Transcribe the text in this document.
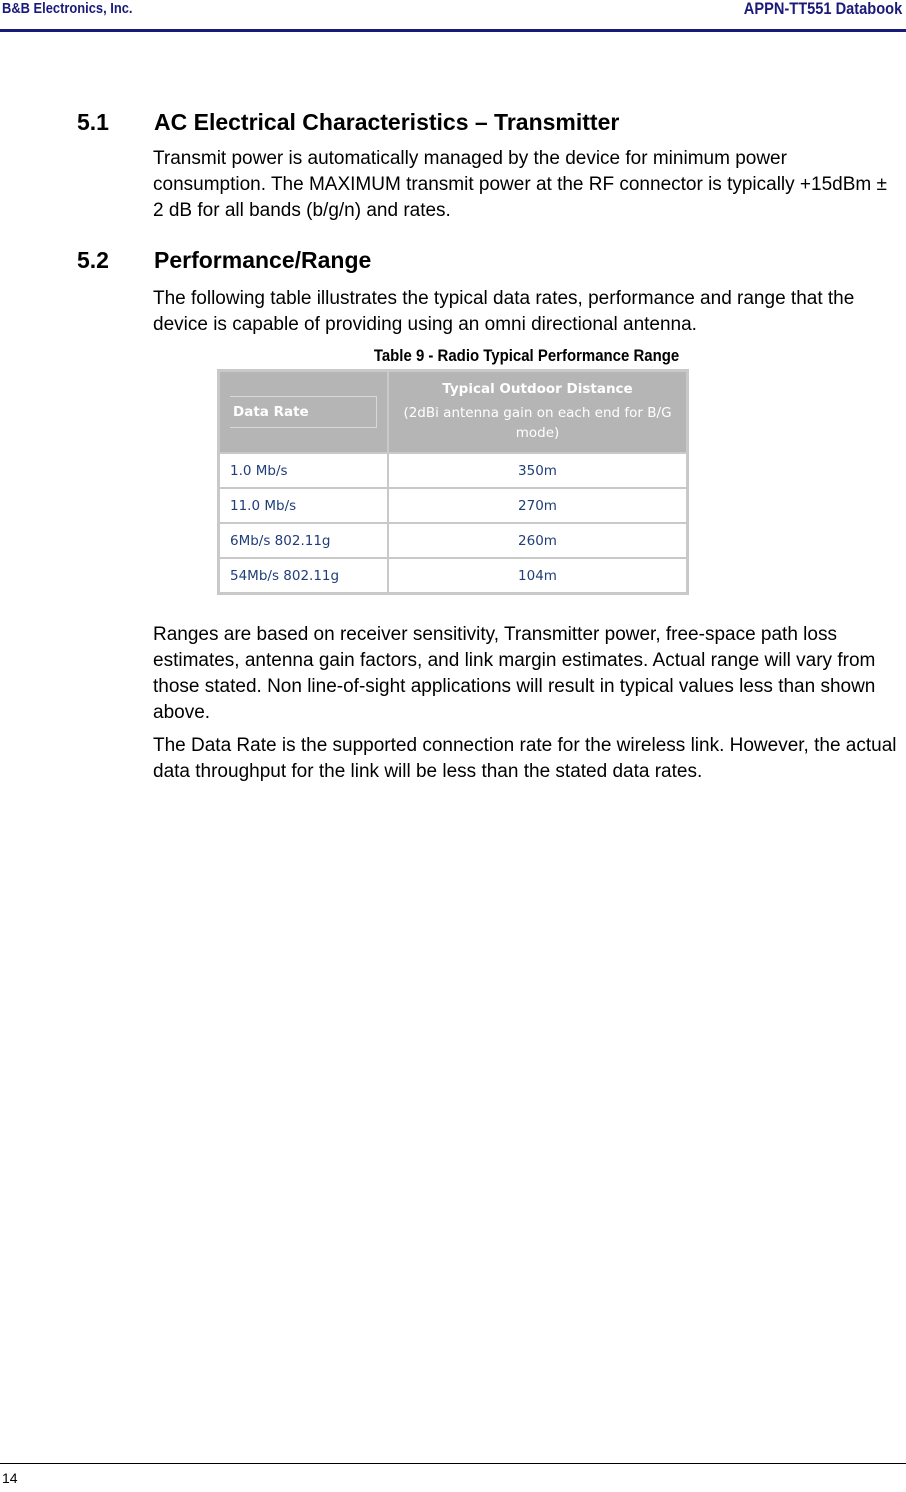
B&B Electronics, Inc.	APPN-TT551 Databook
5.1 AC Electrical Characteristics – Transmitter

Transmit power is automatically managed by the device for minimum power consumption. The MAXIMUM transmit power at the RF connector is typically +15dBm ± 2 dB for all bands (b/g/n) and rates.

5.2 Performance/Range

The following table illustrates the typical data rates, performance and range that the device is capable of providing using an omni directional antenna.

Table 9 - Radio Typical Performance Range
Data Rate	Typical Outdoor Distance
(2dBi antenna gain on each end for B/G mode)

1.0 Mb/s	350m
11.0 Mb/s	270m
6Mb/s 802.11g	260m
54Mb/s 802.11g	104m

Ranges are based on receiver sensitivity, Transmitter power, free-space path loss estimates, antenna gain factors, and link margin estimates. Actual range will vary from those stated. Non line-of-sight applications will result in typical values less than shown above.

The Data Rate is the supported connection rate for the wireless link. However, the actual data throughput for the link will be less than the stated data rates.

14
